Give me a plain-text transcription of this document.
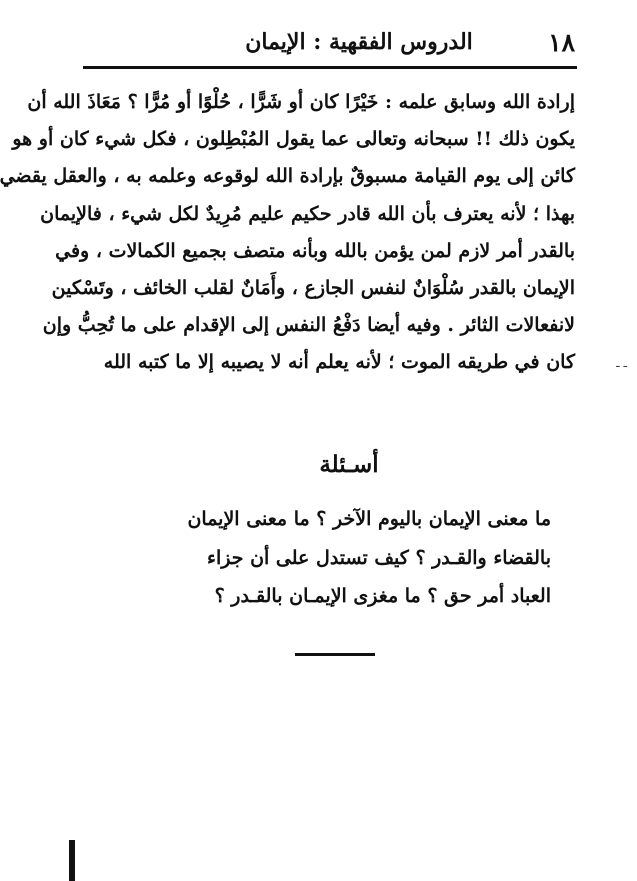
١٨
الدروس الفقهية : الإيمان
إرادة الله وسابق علمه : خَيْرًا كان أو شَرًّا ، حُلْوًا أو مُرًّا ؟ مَعَاذَ الله أن
يكون ذلك !! سبحانه وتعالى عما يقول المُبْطِلون ، فكل شيء كان أو هو
كائن إلى يوم القيامة مسبوقٌ بإرادة الله لوقوعه وعلمه به ، والعقل يقضي
بهذا ؛ لأنه يعترف بأن الله قادر حكيم عليم مُرِيدٌ لكل شيء ، فالإيمان
بالقدر أمر لازم لمن يؤمن بالله وبأنه متصف بجميع الكمالات ، وفي
الإيمان بالقدر سُلْوَانٌ لنفس الجازع ، وأَمَانٌ لقلب الخائف ، وتَسْكين
لانفعالات الثائر . وفيه أيضا دَفْعُ النفس إلى الإقدام على ما تُحِبُّ وإن
كان في طريقه الموت ؛ لأنه يعلم أنه لا يصيبه إلا ما كتبه الله
أسـئلة
ما معنى الإيمان باليوم الآخر ؟ ما معنى الإيمان
بالقضاء والقـدر ؟ كيف تستدل على أن جزاء
العباد أمر حق ؟ ما مغزى الإيمـان بالقـدر ؟
ـ ـ
